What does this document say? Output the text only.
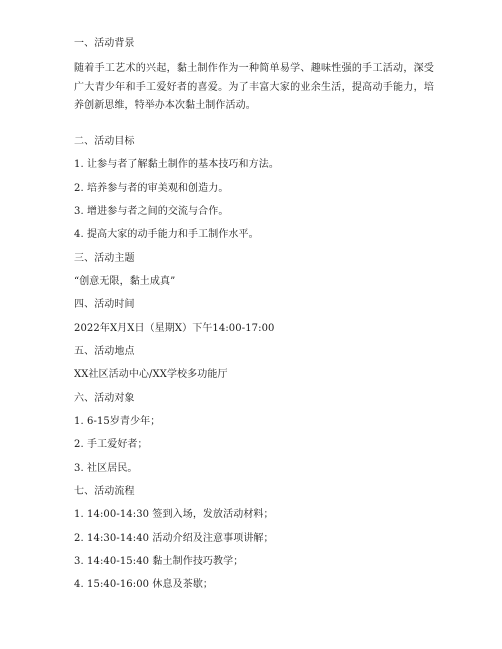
一、活动背景
随着手工艺术的兴起，黏土制作作为一种简单易学、趣味性强的手工活动，深受广大青少年和手工爱好者的喜爱。为了丰富大家的业余生活，提高动手能力，培养创新思维，特举办本次黏土制作活动。
二、活动目标
1. 让参与者了解黏土制作的基本技巧和方法。
2. 培养参与者的审美观和创造力。
3. 增进参与者之间的交流与合作。
4. 提高大家的动手能力和手工制作水平。
三、活动主题
“创意无限，黏土成真”
四、活动时间
2022年X月X日（星期X）下午14:00-17:00
五、活动地点
XX社区活动中心/XX学校多功能厅
六、活动对象
1. 6-15岁青少年；
2. 手工爱好者；
3. 社区居民。
七、活动流程
1. 14:00-14:30 签到入场，发放活动材料；
2. 14:30-14:40 活动介绍及注意事项讲解；
3. 14:40-15:40 黏土制作技巧教学；
4. 15:40-16:00 休息及茶歇；
